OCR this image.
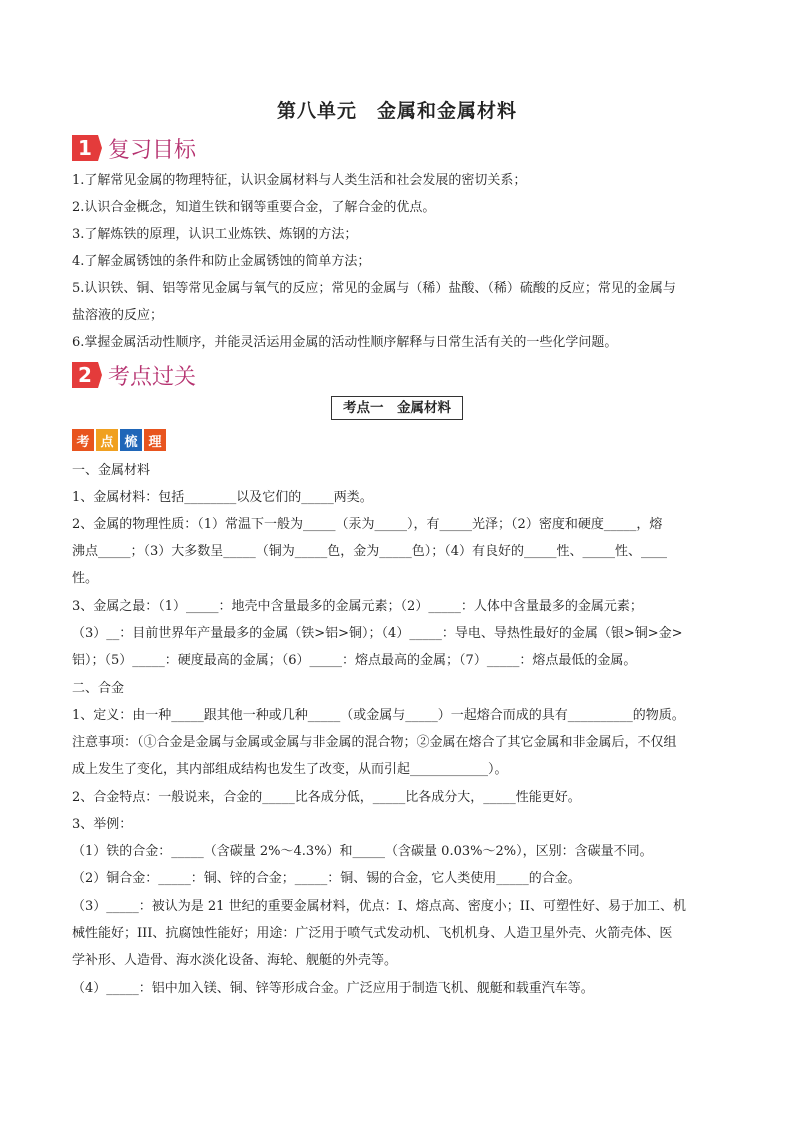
第八单元　金属和金属材料
1 复习目标
1.了解常见金属的物理特征，认识金属材料与人类生活和社会发展的密切关系；
2.认识合金概念，知道生铁和钢等重要合金，了解合金的优点。
3.了解炼铁的原理，认识工业炼铁、炼钢的方法；
4.了解金属锈蚀的条件和防止金属锈蚀的简单方法；
5.认识铁、铜、铝等常见金属与氧气的反应；常见的金属与（稀）盐酸、（稀）硫酸的反应；常见的金属与
盐溶液的反应；
6.掌握金属活动性顺序，并能灵活运用金属的活动性顺序解释与日常生活有关的一些化学问题。
2 考点过关
考点一　金属材料
考 点 梳 理
一、金属材料
1、金属材料：包括________以及它们的_____两类。
2、金属的物理性质：（1）常温下一般为_____（汞为_____），有_____光泽；（2）密度和硬度_____，熔
沸点_____；（3）大多数呈_____（铜为_____色，金为_____色）；（4）有良好的_____性、_____性、____
性。
3、金属之最：（1）_____：地壳中含量最多的金属元素；（2）_____：人体中含量最多的金属元素；
（3）__：目前世界年产量最多的金属（铁>铝>铜）；（4）_____：导电、导热性最好的金属（银>铜>金>
铝）；（5）_____：硬度最高的金属；（6）_____：熔点最高的金属；（7）_____：熔点最低的金属。
二、合金
1、定义：由一种_____跟其他一种或几种_____（或金属与_____）一起熔合而成的具有__________的物质。
注意事项：（①合金是金属与金属或金属与非金属的混合物；②金属在熔合了其它金属和非金属后，不仅组
成上发生了变化，其内部组成结构也发生了改变，从而引起____________）。
2、合金特点：一般说来，合金的_____比各成分低，_____比各成分大，_____性能更好。
3、举例：
（1）铁的合金：_____（含碳量 2%～4.3%）和_____（含碳量 0.03%～2%），区别：含碳量不同。
（2）铜合金：_____：铜、锌的合金；_____：铜、锡的合金，它人类使用_____的合金。
（3）_____：被认为是 21 世纪的重要金属材料，优点：I、熔点高、密度小；II、可塑性好、易于加工、机
械性能好；III、抗腐蚀性能好；用途：广泛用于喷气式发动机、飞机机身、人造卫星外壳、火箭壳体、医
学补形、人造骨、海水淡化设备、海轮、舰艇的外壳等。
（4）_____：铝中加入镁、铜、锌等形成合金。广泛应用于制造飞机、舰艇和载重汽车等。
